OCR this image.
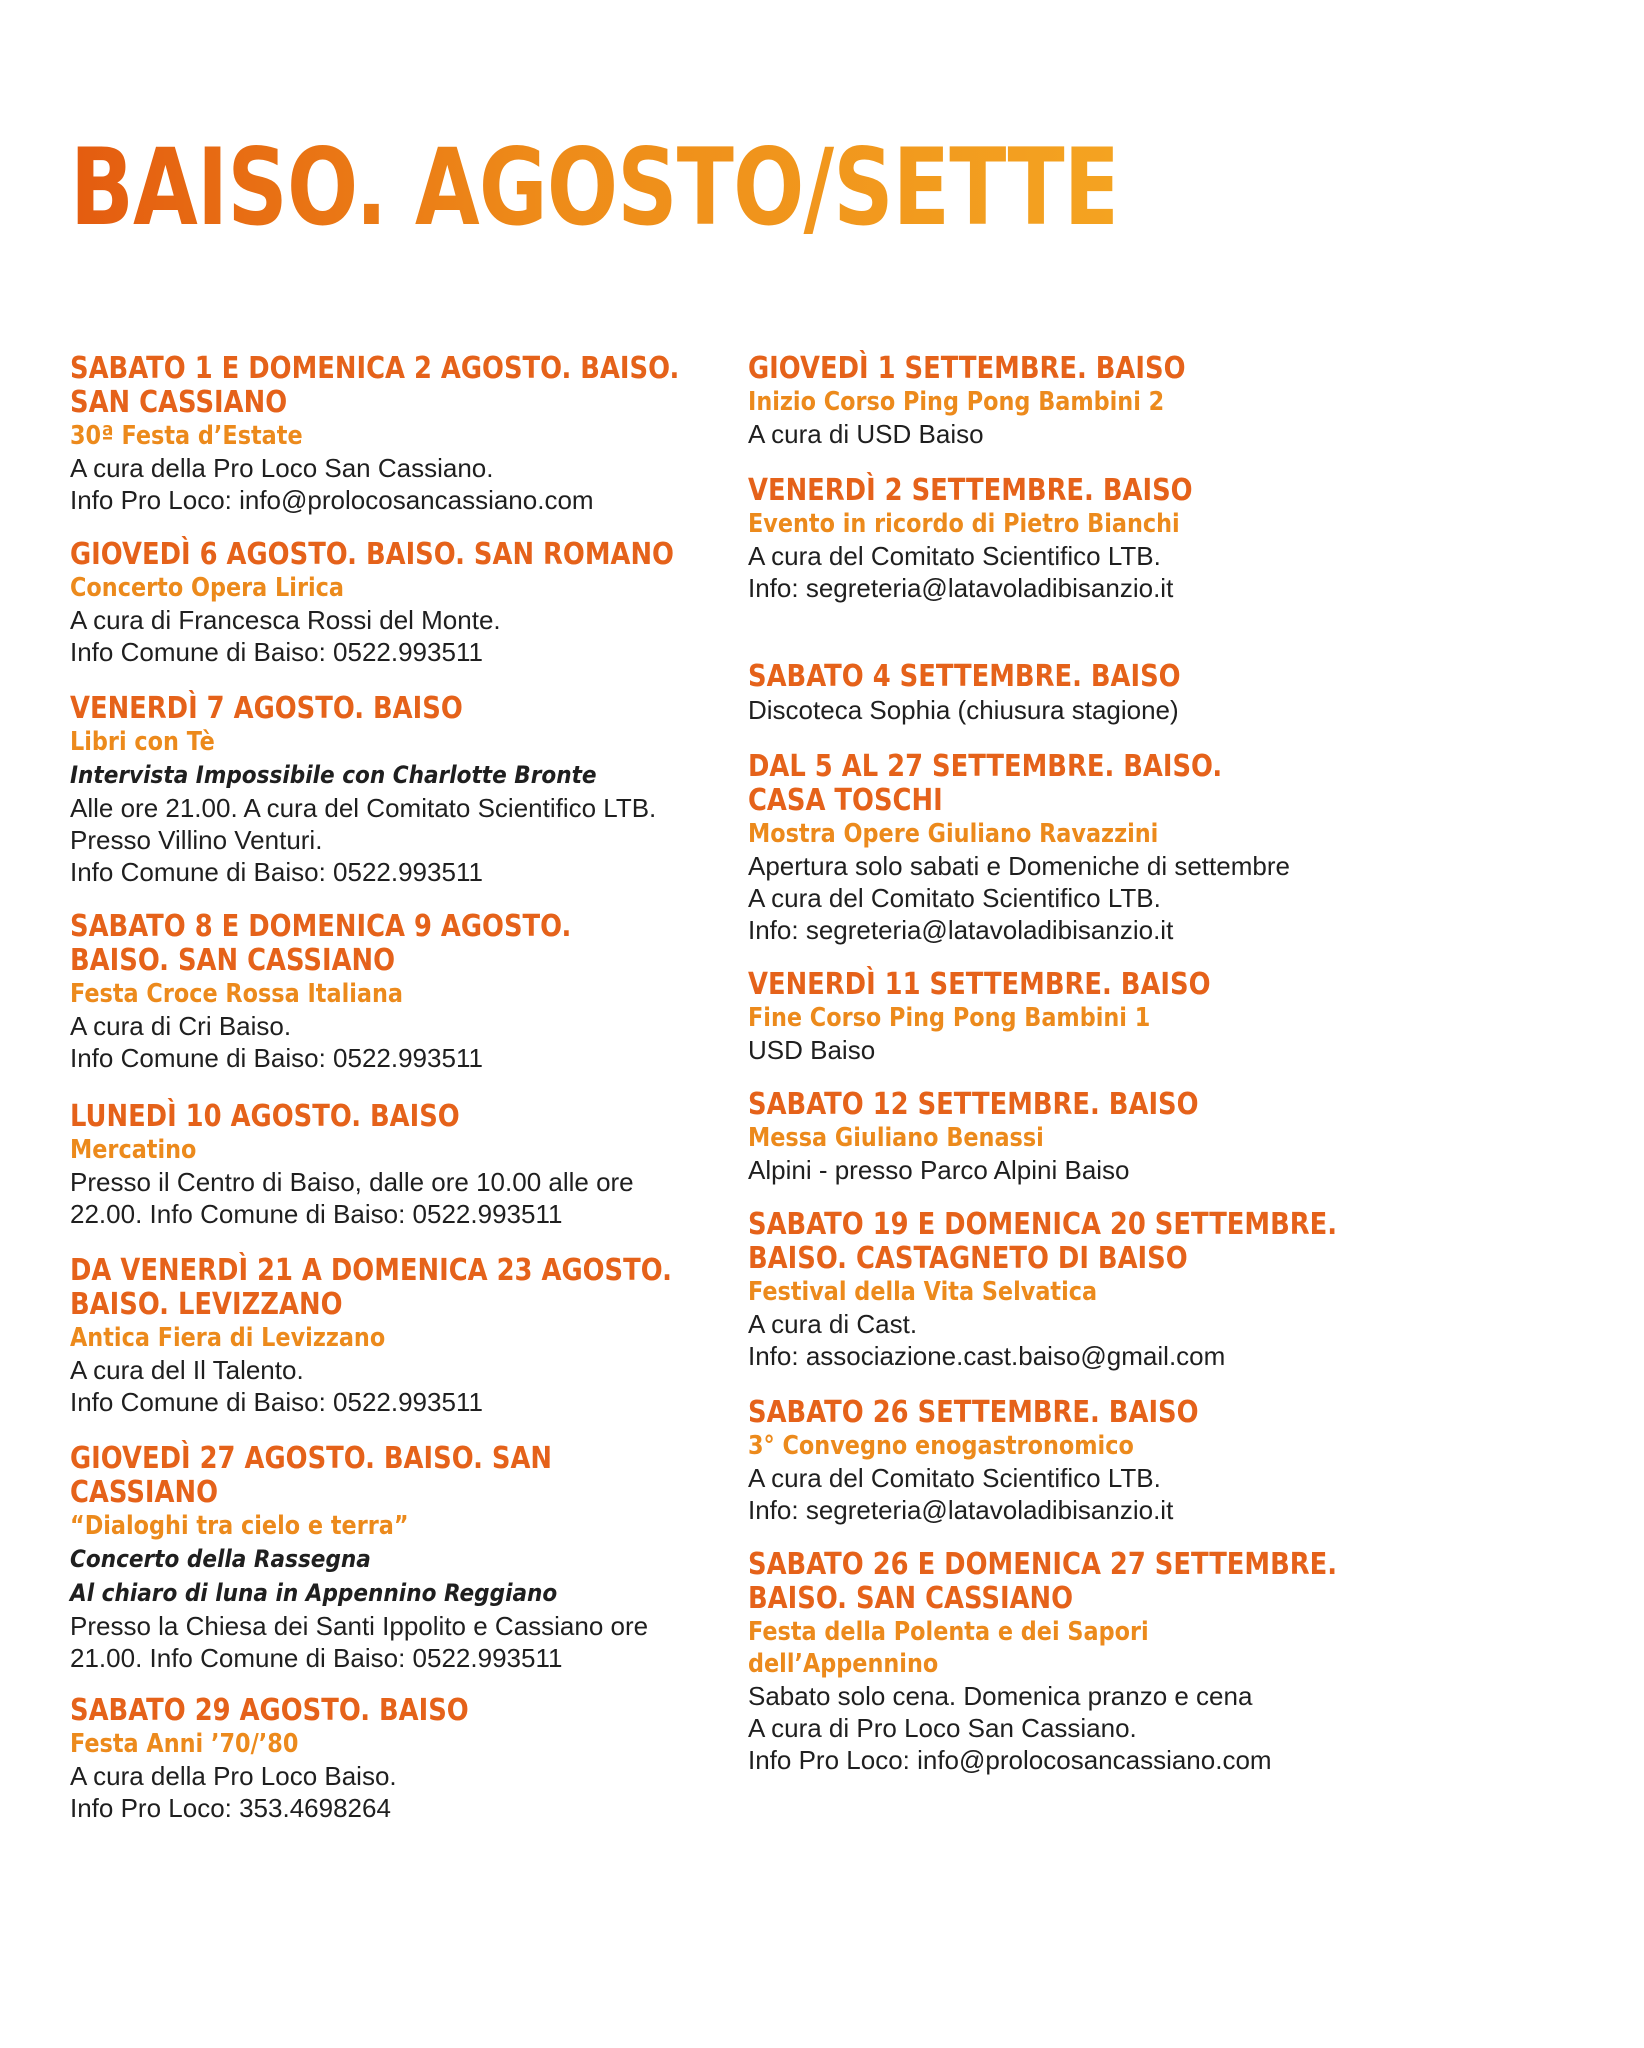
BAISO. AGOSTO/SETTEMBRE 2026
SABATO 1 E DOMENICA 2 AGOSTO. BAISO.
SAN CASSIANO
30ª Festa d’Estate
A cura della Pro Loco San Cassiano.
Info Pro Loco: info@prolocosancassiano.com
GIOVEDÌ 6 AGOSTO. BAISO. SAN ROMANO
Concerto Opera Lirica
A cura di Francesca Rossi del Monte.
Info Comune di Baiso: 0522.993511
VENERDÌ 7 AGOSTO. BAISO
Libri con Tè
Intervista Impossibile con Charlotte Bronte
Alle ore 21.00. A cura del Comitato Scientifico LTB.
Presso Villino Venturi.
Info Comune di Baiso: 0522.993511
SABATO 8 E DOMENICA 9 AGOSTO.
BAISO. SAN CASSIANO
Festa Croce Rossa Italiana
A cura di Cri Baiso.
Info Comune di Baiso: 0522.993511
LUNEDÌ 10 AGOSTO. BAISO
Mercatino
Presso il Centro di Baiso, dalle ore 10.00 alle ore
22.00. Info Comune di Baiso: 0522.993511
DA VENERDÌ 21 A DOMENICA 23 AGOSTO.
BAISO. LEVIZZANO
Antica Fiera di Levizzano
A cura del Il Talento.
Info Comune di Baiso: 0522.993511
GIOVEDÌ 27 AGOSTO. BAISO. SAN
CASSIANO
“Dialoghi tra cielo e terra”
Concerto della Rassegna
Al chiaro di luna in Appennino Reggiano
Presso la Chiesa dei Santi Ippolito e Cassiano ore
21.00. Info Comune di Baiso: 0522.993511
SABATO 29 AGOSTO. BAISO
Festa Anni ’70/’80
A cura della Pro Loco Baiso.
Info Pro Loco: 353.4698264
GIOVEDÌ 1 SETTEMBRE. BAISO
Inizio Corso Ping Pong Bambini 2
A cura di USD Baiso
VENERDÌ 2 SETTEMBRE. BAISO
Evento in ricordo di Pietro Bianchi
A cura del Comitato Scientifico LTB.
Info: segreteria@latavoladibisanzio.it
SABATO 4 SETTEMBRE. BAISO
Discoteca Sophia (chiusura stagione)
DAL 5 AL 27 SETTEMBRE. BAISO.
CASA TOSCHI
Mostra Opere Giuliano Ravazzini
Apertura solo sabati e Domeniche di settembre
A cura del Comitato Scientifico LTB.
Info: segreteria@latavoladibisanzio.it
VENERDÌ 11 SETTEMBRE. BAISO
Fine Corso Ping Pong Bambini 1
USD Baiso
SABATO 12 SETTEMBRE. BAISO
Messa Giuliano Benassi
Alpini - presso Parco Alpini Baiso
SABATO 19 E DOMENICA 20 SETTEMBRE.
BAISO. CASTAGNETO DI BAISO
Festival della Vita Selvatica
A cura di Cast.
Info: associazione.cast.baiso@gmail.com
SABATO 26 SETTEMBRE. BAISO
3° Convegno enogastronomico
A cura del Comitato Scientifico LTB.
Info: segreteria@latavoladibisanzio.it
SABATO 26 E DOMENICA 27 SETTEMBRE.
BAISO. SAN CASSIANO
Festa della Polenta e dei Sapori
dell’Appennino
Sabato solo cena. Domenica pranzo e cena
A cura di Pro Loco San Cassiano.
Info Pro Loco: info@prolocosancassiano.com
